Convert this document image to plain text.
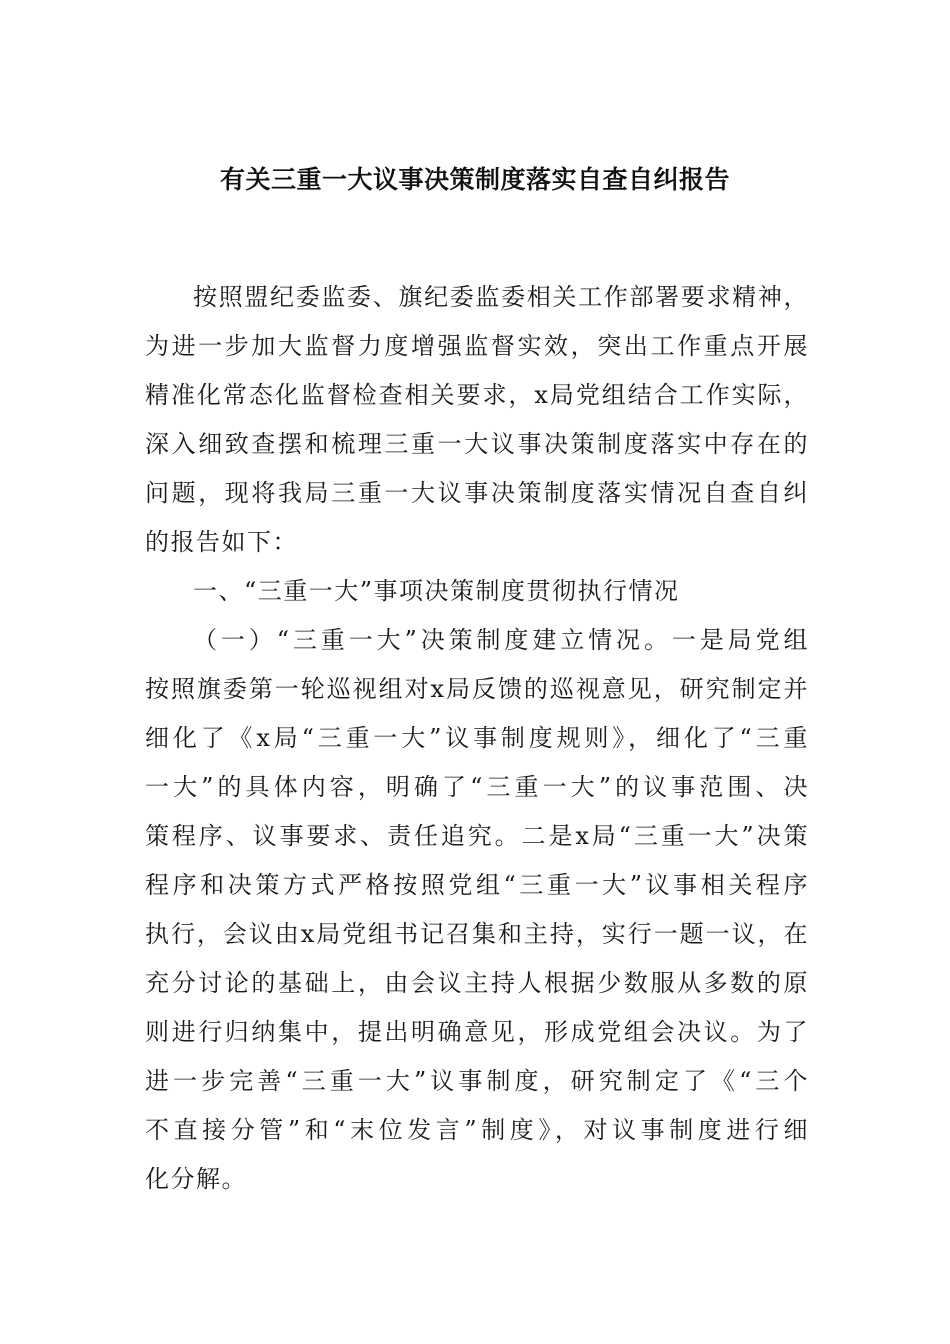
有关三重一大议事决策制度落实自查自纠报告
按照盟纪委监委、旗纪委监委相关工作部署要求精神，
为进一步加大监督力度增强监督实效，突出工作重点开展
精准化常态化监督检查相关要求，x局党组结合工作实际，
深入细致查摆和梳理三重一大议事决策制度落实中存在的
问题，现将我局三重一大议事决策制度落实情况自查自纠
的报告如下：
一、“三重一大”事项决策制度贯彻执行情况
（一）“三重一大”决策制度建立情况。一是局党组
按照旗委第一轮巡视组对x局反馈的巡视意见，研究制定并
细化了《x局“三重一大”议事制度规则》，细化了“三重
一大”的具体内容，明确了“三重一大”的议事范围、决
策程序、议事要求、责任追究。二是x局“三重一大”决策
程序和决策方式严格按照党组“三重一大”议事相关程序
执行，会议由x局党组书记召集和主持，实行一题一议，在
充分讨论的基础上，由会议主持人根据少数服从多数的原
则进行归纳集中，提出明确意见，形成党组会决议。为了
进一步完善“三重一大”议事制度，研究制定了《“三个
不直接分管”和“末位发言”制度》，对议事制度进行细
化分解。
